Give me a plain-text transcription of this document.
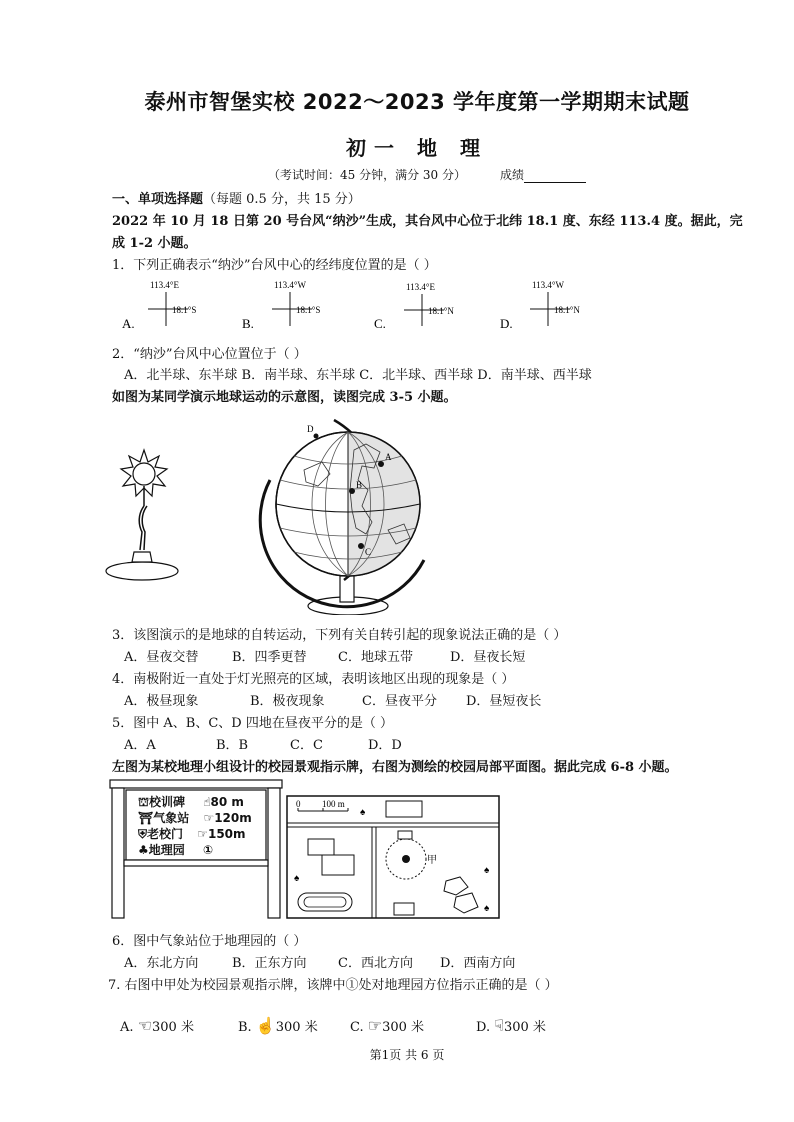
泰州市智堡实校 2022～2023 学年度第一学期期末试题
初一 地 理
（考试时间：45 分钟，满分 30 分）	成绩
一、单项选择题（每题 0.5 分，共 15 分）
2022 年 10 月 18 日第 20 号台风“纳沙”生成，其台风中心位于北纬 18.1 度、东经 113.4 度。据此，完
成 1-2 小题。
1．下列正确表示“纳沙”台风中心的经纬度位置的是（ ）
A.
113.4°E
18.1°S
B.
113.4°W
18.1°S
C.
113.4°E
18.1°N
D.
113.4°W
18.1°N
2．“纳沙”台风中心位置位于（ ）
A．北半球、东半球 B．南半球、东半球 C．北半球、西半球 D．南半球、西半球
如图为某同学演示地球运动的示意图，读图完成 3-5 小题。
A
B
C
D
3．该图演示的是地球的自转运动，下列有关自转引起的现象说法正确的是（ ）
A．昼夜交替	B．四季更替 C．地球五带	D．昼夜长短
4．南极附近一直处于灯光照亮的区域，表明该地区出现的现象是（ ）
A．极昼现象	B．极夜现象	C．昼夜平分 D．昼短夜长
5．图中 A、B、C、D 四地在昼夜平分的是（ ）
A．A	B．B	C．C	D．D
左图为某校地理小组设计的校园景观指示牌，右图为测绘的校园局部平面图。据此完成 6-8 小题。
⛫校训碑 ☝80 m
⛩气象站 ☞120m
⛨老校门 ☞150m
♣地理园 ①
0 100 m
甲
♠
♠
♠
♠
6．图中气象站位于地理园的（ ）
A．东北方向	B．正东方向 C．西北方向 D．西南方向
7. 右图中甲处为校园景观指示牌，该牌中①处对地理园方位指示正确的是（ ）
A. ☜300 米	B. ☝300 米 C. ☞300 米	D. ☟300 米
第1页 共 6 页
